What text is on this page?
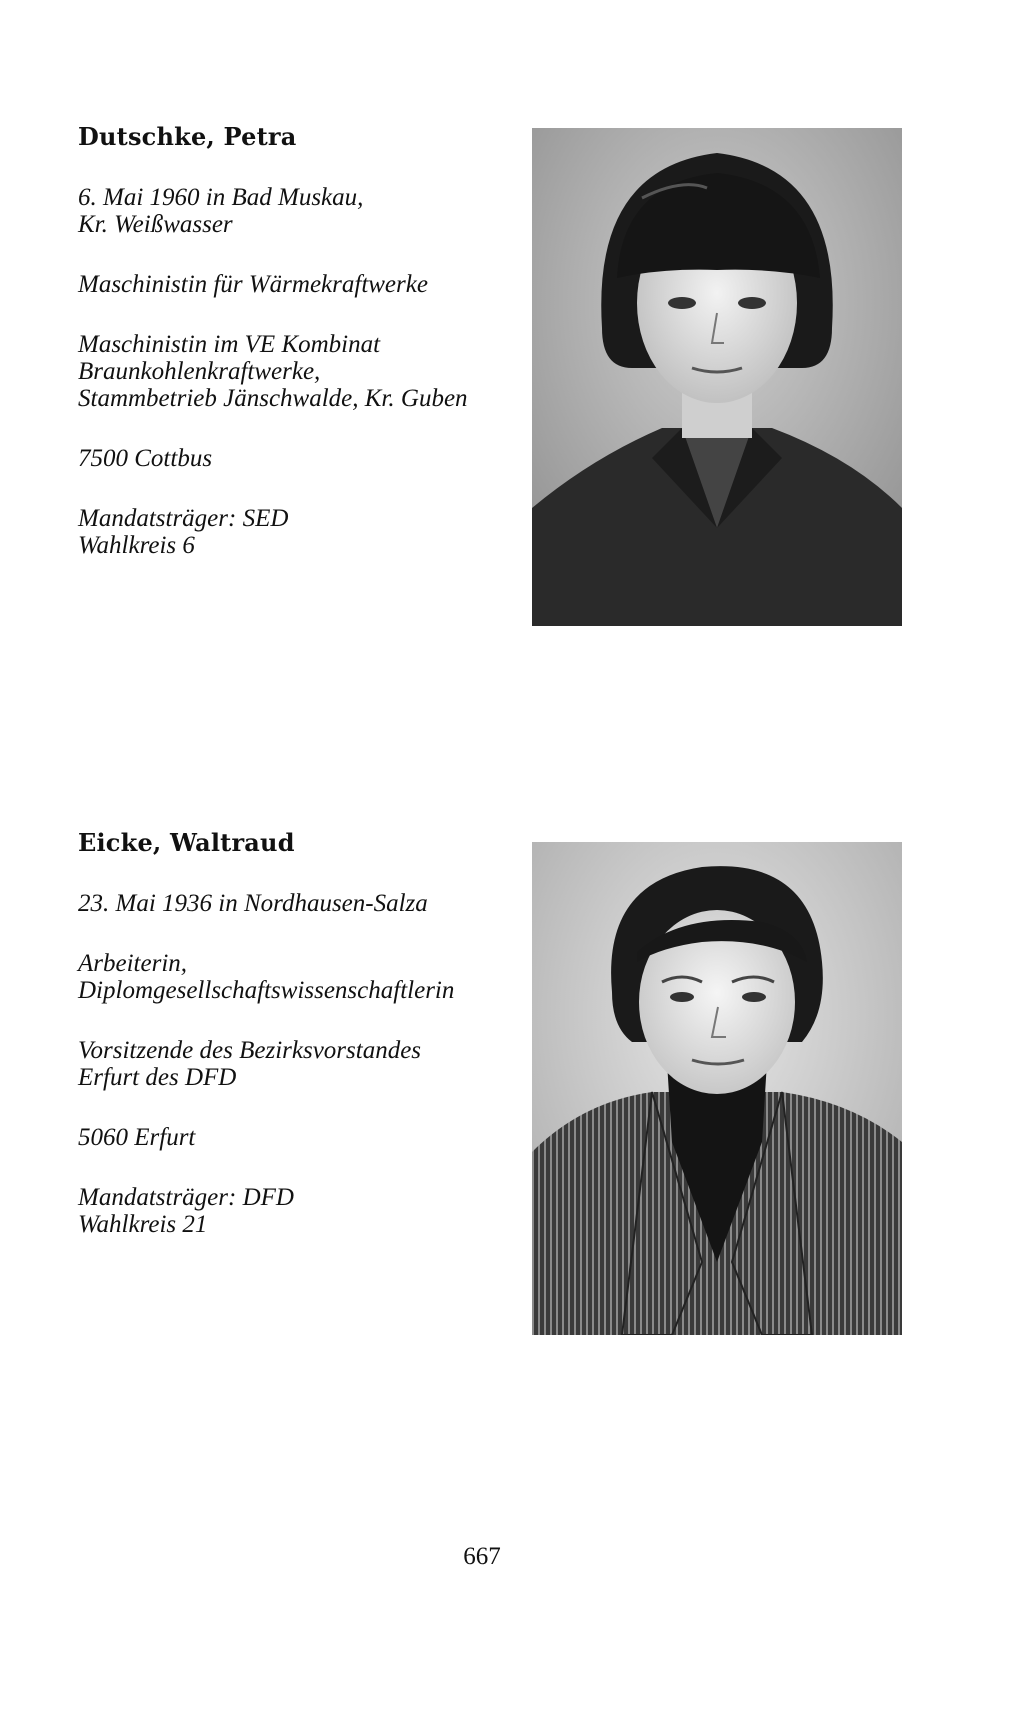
Dutschke, Petra

6. Mai 1960 in Bad Muskau,
Kr. Weißwasser

Maschinistin für Wärmekraftwerke

Maschinistin im VE Kombinat
Braunkohlenkraftwerke,
Stammbetrieb Jänschwalde, Kr. Guben

7500 Cottbus

Mandatsträger: SED
Wahlkreis 6

Eicke, Waltraud

23. Mai 1936 in Nordhausen-Salza

Arbeiterin,
Diplomgesellschaftswissenschaftlerin

Vorsitzende des Bezirksvorstandes
Erfurt des DFD

5060 Erfurt

Mandatsträger: DFD
Wahlkreis 21

667
